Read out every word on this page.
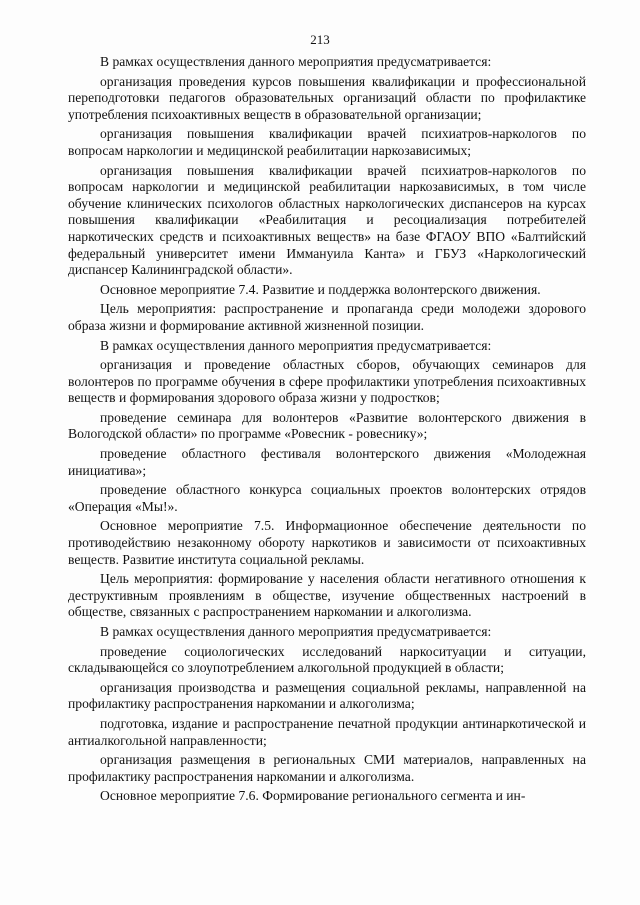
213

В рамках осуществления данного мероприятия предусматривается:

организация проведения курсов повышения квалификации и профессиональной переподготовки педагогов образовательных организаций области по профилактике употребления психоактивных веществ в образовательной организации;

организация повышения квалификации врачей психиатров-наркологов по вопросам наркологии и медицинской реабилитации наркозависимых;

организация повышения квалификации врачей психиатров-наркологов по вопросам наркологии и медицинской реабилитации наркозависимых, в том числе обучение клинических психологов областных наркологических диспансеров на курсах повышения квалификации «Реабилитация и ресоциализация потребителей наркотических средств и психоактивных веществ» на базе ФГАОУ ВПО «Балтийский федеральный университет имени Иммануила Канта» и ГБУЗ «Наркологический диспансер Калининградской области».

Основное мероприятие 7.4. Развитие и поддержка волонтерского движения.

Цель мероприятия: распространение и пропаганда среди молодежи здорового образа жизни и формирование активной жизненной позиции.

В рамках осуществления данного мероприятия предусматривается:

организация и проведение областных сборов, обучающих семинаров для волонтеров по программе обучения в сфере профилактики употребления психоактивных веществ и формирования здорового образа жизни у подростков;

проведение семинара для волонтеров «Развитие волонтерского движения в Вологодской области» по программе «Ровесник - ровеснику»;

проведение областного фестиваля волонтерского движения «Молодежная инициатива»;

проведение областного конкурса социальных проектов волонтерских отрядов «Операция «Мы!».

Основное мероприятие 7.5. Информационное обеспечение деятельности по противодействию незаконному обороту наркотиков и зависимости от психоактивных веществ. Развитие института социальной рекламы.

Цель мероприятия: формирование у населения области негативного отношения к деструктивным проявлениям в обществе, изучение общественных настроений в обществе, связанных с распространением наркомании и алкоголизма.

В рамках осуществления данного мероприятия предусматривается:

проведение социологических исследований наркоситуации и ситуации, складывающейся со злоупотреблением алкогольной продукцией в области;

организация производства и размещения социальной рекламы, направленной на профилактику распространения наркомании и алкоголизма;

подготовка, издание и распространение печатной продукции антинаркотической и антиалкогольной направленности;

организация размещения в региональных СМИ материалов, направленных на профилактику распространения наркомании и алкоголизма.

Основное мероприятие 7.6. Формирование регионального сегмента и ин-
